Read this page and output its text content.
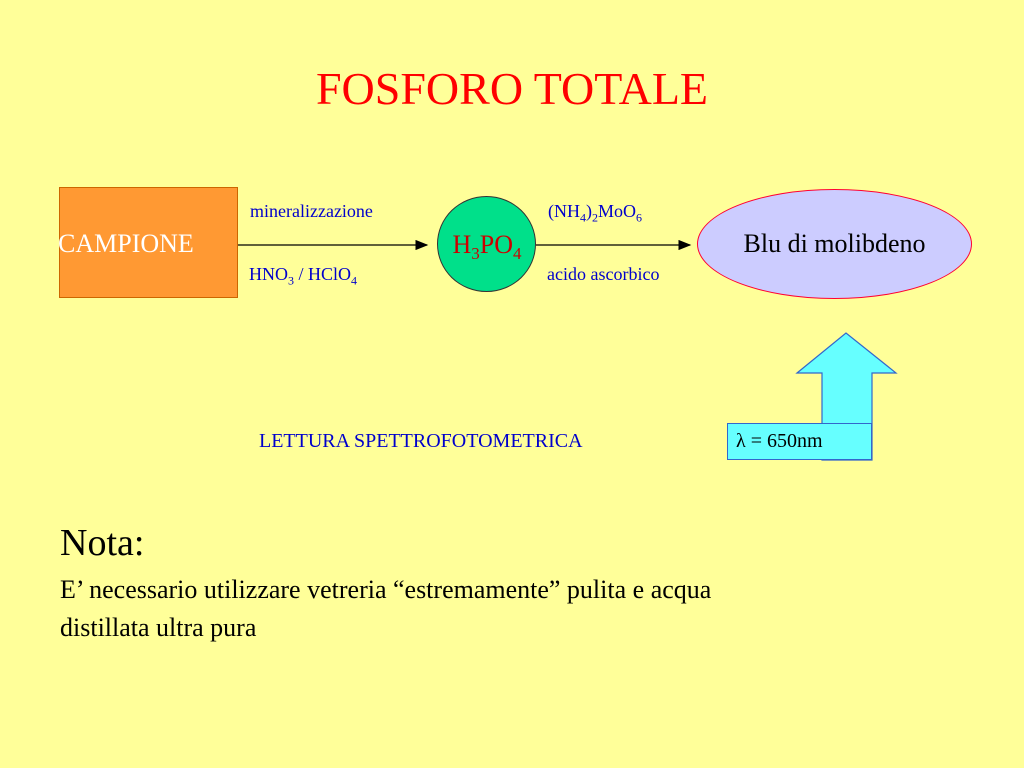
FOSFORO TOTALE
CAMPIONE	$H_3PO_4$	Blu di molibdeno
mineralizzazione
$HNO_3$ / HClO$_4$
$(NH_4)_2MoO_6$
acido ascorbico
LETTURA SPETTROFOTOMETRICA	λ = 650nm
Nota:
E’ necessario utilizzare vetreria “estremamente” pulita e acqua
distillata ultra pura
